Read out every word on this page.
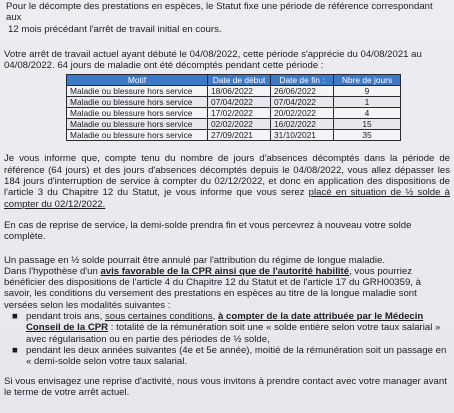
Pour le décompte des prestations en espèces, le Statut fixe une période de référence correspondant aux
12 mois précédant l'arrêt de travail initial en cours.

Votre arrêt de travail actuel ayant débuté le 04/08/2022, cette période s'apprécie du 04/08/2021 au
04/08/2022. 64 jours de maladie ont été décomptés pendant cette période :

Motif	Date de début	Date de fin :	Nbre de jours
Maladie ou blessure hors service	18/06/2022	26/06/2022	9
Maladie ou blessure hors service	07/04/2022	07/04/2022	1
Maladie ou blessure hors service	17/02/2022	20/02/2022	4
Maladie ou blessure hors service	02/02/2022	16/02/2022	15
Maladie ou blessure hors service	27/09/2021	31/10/2021	35

Je vous informe que, compte tenu du nombre de jours d'absences décomptés dans la période de référence (64 jours) et des jours d'absences décomptés depuis le 04/08/2022, vous allez dépasser les 184 jours d'interruption de service à compter du 02/12/2022, et donc en application des dispositions de l'article 3 du Chapitre 12 du Statut, je vous informe que vous serez placé en situation de ½ solde à compter du 02/12/2022.

En cas de reprise de service, la demi-solde prendra fin et vous percevrez à nouveau votre solde complète.

Un passage en ½ solde pourrait être annulé par l'attribution du régime de longue maladie.
Dans l'hypothèse d'un avis favorable de la CPR ainsi que de l'autorité habilité, vous pourriez bénéficier des dispositions de l'article 4 du Chapitre 12 du Statut et de l'article 17 du GRH00359, à savoir, les conditions du versement des prestations en espèces au titre de la longue maladie sont versées selon les modalités suivantes :

■ pendant trois ans, sous certaines conditions, à compter de la date attribuée par le Médecin Conseil de la CPR : totalité de la rémunération soit une « solde entière selon votre taux salarial » avec régularisation ou en partie des périodes de ½ solde,
■ pendant les deux années suivantes (4e et 5e année), moitié de la rémunération soit un passage en « demi-solde selon votre taux salarial.

Si vous envisagez une reprise d'activité, nous vous invitons à prendre contact avec votre manager avant le terme de votre arrêt actuel.
